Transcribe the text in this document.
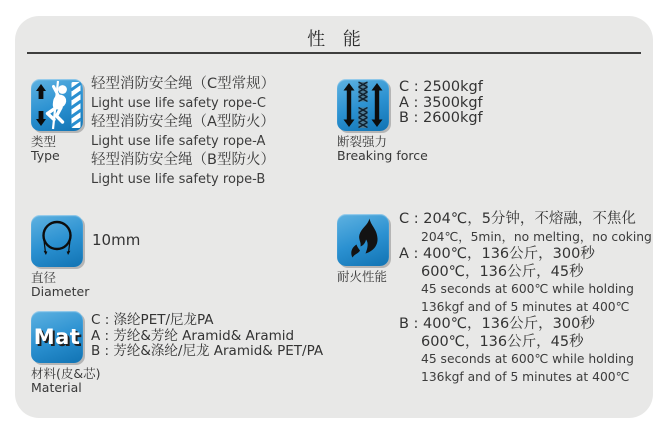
性 能
类型
Type
轻型消防安全绳（C型常规）
Light use life safety rope-C
轻型消防安全绳（A型防火）
Light use life safety rope-A
轻型消防安全绳（B型防火）
Light use life safety rope-B
断裂强力
Breaking force
C : 2500kgf
A : 3500kgf
B : 2600kgf
直径
Diameter
10mm
耐火性能
C : 204℃，5分钟，不熔融，不焦化
204℃，5min，no melting，no coking
A : 400℃，136公斤，300秒
600℃，136公斤，45秒
45 seconds at 600℃ while holding
136kgf and of 5 minutes at 400℃
B : 400℃，136公斤，300秒
600℃，136公斤，45秒
45 seconds at 600℃ while holding
136kgf and of 5 minutes at 400℃
Mat
材料(皮&芯)
Material
C : 涤纶PET/尼龙PA
A : 芳纶&芳纶 Aramid& Aramid
B : 芳纶&涤纶/尼龙 Aramid& PET/PA
